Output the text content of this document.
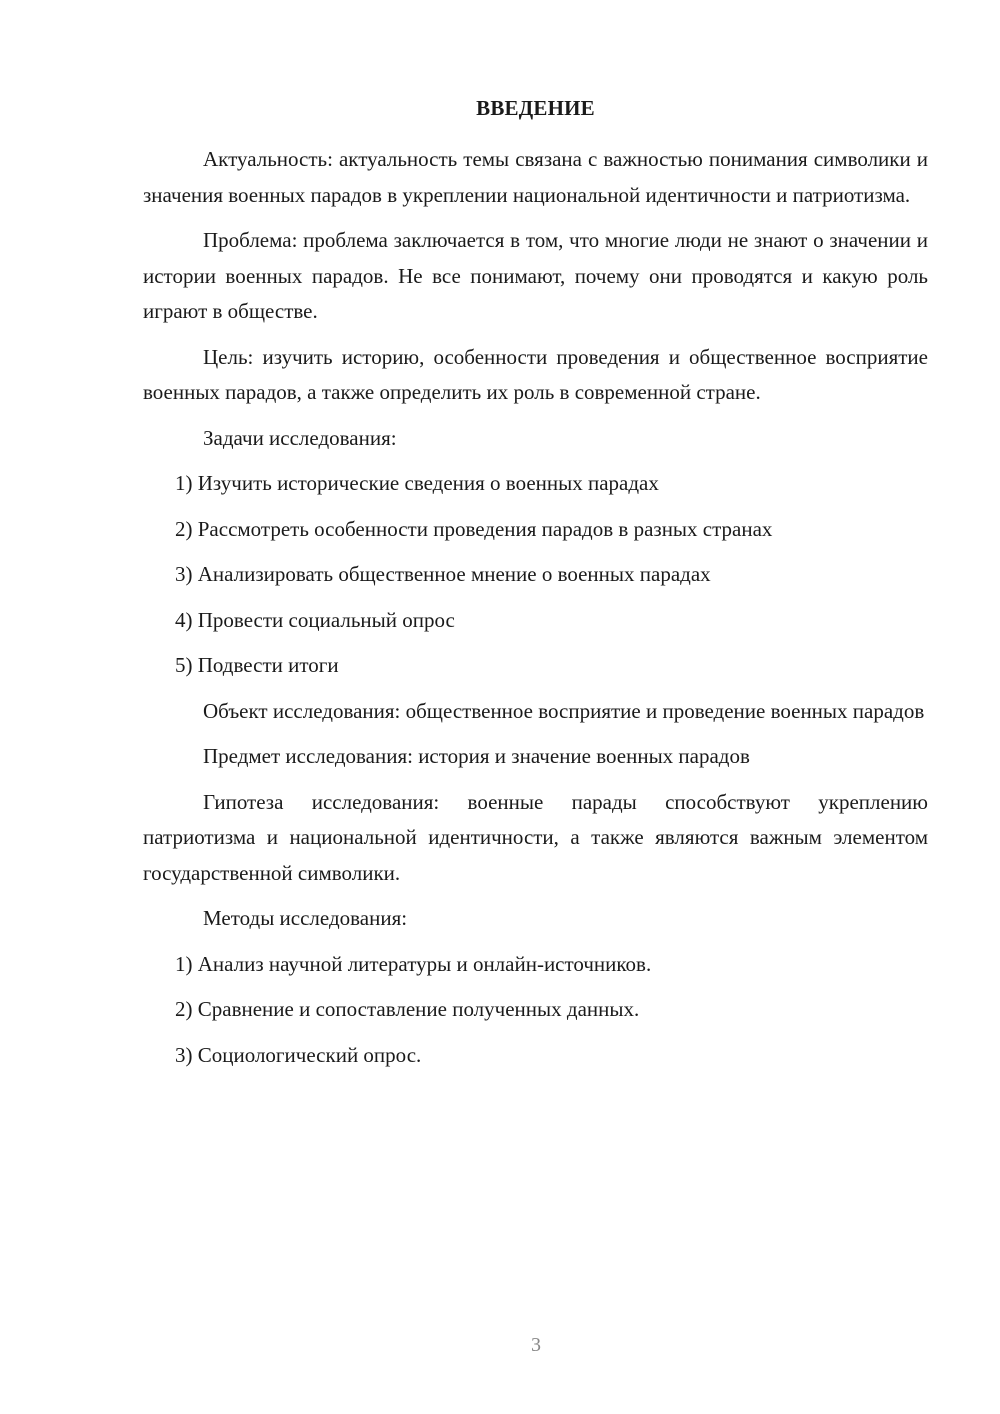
ВВЕДЕНИЕ

Актуальность: актуальность темы связана с важностью понимания символики и значения военных парадов в укреплении национальной идентичности и патриотизма.

Проблема: проблема заключается в том, что многие люди не знают о значении и истории военных парадов. Не все понимают, почему они проводятся и какую роль играют в обществе.

Цель: изучить историю, особенности проведения и общественное восприятие военных парадов, а также определить их роль в современной стране.

Задачи исследования:

1) Изучить исторические сведения о военных парадах

2) Рассмотреть особенности проведения парадов в разных странах

3) Анализировать общественное мнение о военных парадах

4) Провести социальный опрос

5) Подвести итоги

Объект исследования: общественное восприятие и проведение военных парадов

Предмет исследования: история и значение военных парадов

Гипотеза исследования: военные парады способствуют укреплению патриотизма и национальной идентичности, а также являются важным элементом государственной символики.

Методы исследования:

1) Анализ научной литературы и онлайн-источников.

2) Сравнение и сопоставление полученных данных.

3) Социологический опрос.

3
